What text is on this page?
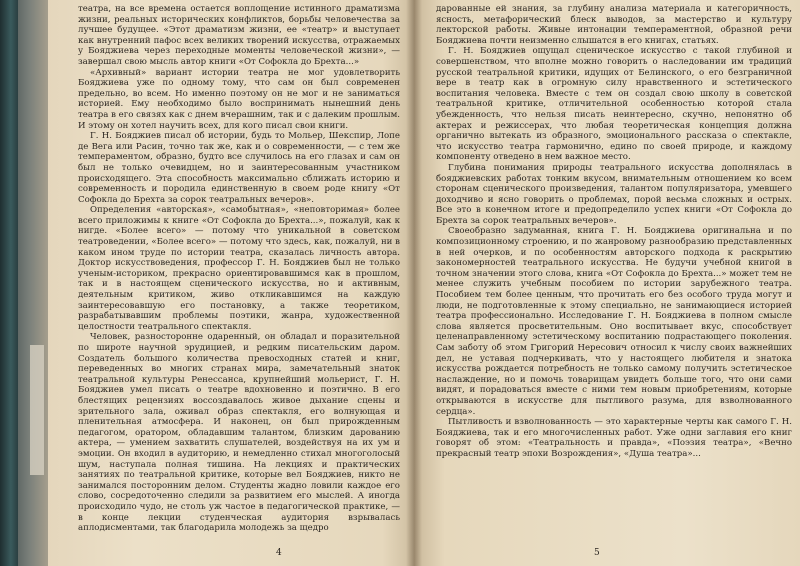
театра, на все времена остается воплощение истинного драматизма жизни, реальных исторических конфликтов, борьбы человечества за лучшее будущее. «Этот драматизм жизни, ее «театр» и выступает как внутренний пафос всех великих творений искусства, отражаемых у Бояджиева через переходные моменты человеческой жизни», — завершал свою мысль автор книги «От Софокла до Брехта...»

«Архивный» вариант истории театра не мог удовлетворить Бояджиева уже по одному тому, что сам он был современен предельно, во всем. Но именно поэтому он не мог и не заниматься историей. Ему необходимо было воспринимать нынешний день театра в его связях как с днем вчерашним, так и с далеким прошлым. И этому он хотел научить всех, для кого писал свои книги.

Г. Н. Бояджиев писал об истории, будь то Мольер, Шекспир, Лопе де Вега или Расин, точно так же, как и о современности, — с тем же темпераментом, образно, будто все случилось на его глазах и сам он был не только очевидцем, но и заинтересованным участником происходящего. Эта способность максимально сближать историю и современность и породила единственную в своем роде книгу «От Софокла до Брехта за сорок театральных вечеров».

Определения «авторская», «самобытная», «неповторимая» более всего приложимы к книге «От Софокла до Брехта...», пожалуй, как к нигде. «Более всего» — потому что уникальной в советском театроведении, «Более всего» — потому что здесь, как, пожалуй, ни в каком ином труде по истории театра, сказалась личность автора. Доктор искусствоведения, профессор Г. Н. Бояджиев был не только ученым-историком, прекрасно ориентировавшимся как в прошлом, так и в настоящем сценического искусства, но и активным, деятельным критиком, живо откликавшимся на каждую заинтересовавшую его постановку, а также теоретиком, разрабатывавшим проблемы поэтики, жанра, художественной целостности театрального спектакля.

Человек, разносторонне одаренный, он обладал и поразительной по широте научной эрудицией, и редким писательским даром. Создатель большого количества превосходных статей и книг, переведенных во многих странах мира, замечательный знаток театральной культуры Ренессанса, крупнейший мольерист, Г. Н. Бояджиев умел писать о театре вдохновенно и поэтично. В его блестящих рецензиях воссоздавалось живое дыхание сцены и зрительного зала, оживал образ спектакля, его волнующая и пленительная атмосфера. И наконец, он был прирожденным педагогом, оратором, обладавшим талантом, близким дарованию актера, — умением захватить слушателей, воздействуя на их ум и эмоции. Он входил в аудиторию, и немедленно стихал многоголосый шум, наступала полная тишина. На лекциях и практических занятиях по театральной критике, которые вел Бояджиев, никто не занимался посторонним делом. Студенты жадно ловили каждое его слово, сосредоточенно следили за развитием его мыслей. А иногда происходило чудо, не столь уж частое в педагогической практике, — в конце лекции студенческая аудитория взрывалась аплодисментами, так благодарила молодежь за щедро

4

дарованные ей знания, за глубину анализа материала и категоричность, ясность, метафорический блеск выводов, за мастерство и культуру лекторской работы. Живые интонации темпераментной, образной речи Бояджиева почти неизменно слышатся в его книгах, статьях.

Г. Н. Бояджиев ощущал сценическое искусство с такой глубиной и совершенством, что вполне можно говорить о наследовании им традиций русской театральной критики, идущих от Белинского, о его безграничной вере в театр как в огромную силу нравственного и эстетического воспитания человека. Вместе с тем он создал свою школу в советской театральной критике, отличительной особенностью которой стала убежденность, что нельзя писать неинтересно, скучно, непонятно об актерах и режиссерах, что любая теоретическая концепция должна органично вытекать из образного, эмоционального рассказа о спектакле, что искусство театра гармонично, едино по своей природе, и каждому компоненту отведено в нем важное место.

Глубина понимания природы театрального искусства дополнялась в бояджиевских работах тонким вкусом, внимательным отношением ко всем сторонам сценического произведения, талантом популяризатора, умевшего доходчиво и ясно говорить о проблемах, порой весьма сложных и острых. Все это в конечном итоге и предопределило успех книги «От Софокла до Брехта за сорок театральных вечеров».

Своеобразно задуманная, книга Г. Н. Бояджиева оригинальна и по композиционному строению, и по жанровому разнообразию представленных в ней очерков, и по особенностям авторского подхода к раскрытию закономерностей театрального искусства. Не будучи учебной книгой в точном значении этого слова, книга «От Софокла до Брехта...» может тем не менее служить учебным пособием по истории зарубежного театра. Пособием тем более ценным, что прочитать его без особого труда могут и люди, не подготовленные к этому специально, не занимающиеся историей театра профессионально. Исследование Г. Н. Бояджиева в полном смысле слова является просветительным. Оно воспитывает вкус, способствует целенаправленному эстетическому воспитанию подрастающего поколения. Сам заботу об этом Григорий Нересович относил к числу своих важнейших дел, не уставая подчеркивать, что у настоящего любителя и знатока искусства рождается потребность не только самому получить эстетическое наслаждение, но и помочь товарищам увидеть больше того, что они сами видят, и порадоваться вместе с ними тем новым приобретениям, которые открываются в искусстве для пытливого разума, для взволнованного сердца».

Пытливость и взволнованность — это характерные черты как самого Г. Н. Бояджиева, так и его многочисленных работ. Уже одни заглавия его книг говорят об этом: «Театральность и правда», «Поэзия театра», «Вечно прекрасный театр эпохи Возрождения», «Душа театра»...

5
